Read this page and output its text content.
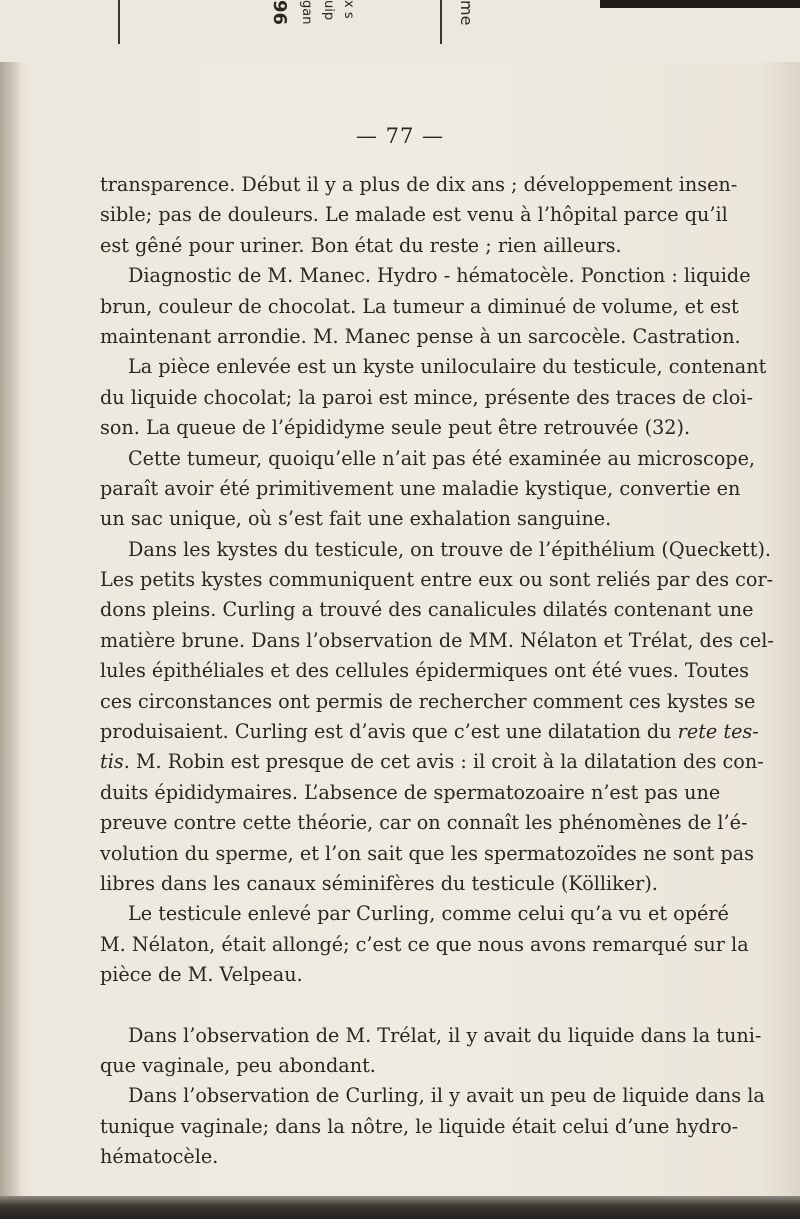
96 gan uip x s	me
— 77 —
transparence. Début il y a plus de dix ans ; développement insen-
sible; pas de douleurs. Le malade est venu à l’hôpital parce qu’il
est gêné pour uriner. Bon état du reste ; rien ailleurs.
Diagnostic de M. Manec. Hydro - hématocèle. Ponction : liquide
brun, couleur de chocolat. La tumeur a diminué de volume, et est
maintenant arrondie. M. Manec pense à un sarcocèle. Castration.
La pièce enlevée est un kyste uniloculaire du testicule, contenant
du liquide chocolat; la paroi est mince, présente des traces de cloi-
son. La queue de l’épididyme seule peut être retrouvée (32).
Cette tumeur, quoiqu’elle n’ait pas été examinée au microscope,
paraît avoir été primitivement une maladie kystique, convertie en
un sac unique, où s’est fait une exhalation sanguine.
Dans les kystes du testicule, on trouve de l’épithélium (Queckett).
Les petits kystes communiquent entre eux ou sont reliés par des cor-
dons pleins. Curling a trouvé des canalicules dilatés contenant une
matière brune. Dans l’observation de MM. Nélaton et Trélat, des cel-
lules épithéliales et des cellules épidermiques ont été vues. Toutes
ces circonstances ont permis de rechercher comment ces kystes se
produisaient. Curling est d’avis que c’est une dilatation du rete tes-
tis. M. Robin est presque de cet avis : il croit à la dilatation des con-
duits épididymaires. L’absence de spermatozoaire n’est pas une
preuve contre cette théorie, car on connaît les phénomènes de l’é-
volution du sperme, et l’on sait que les spermatozoïdes ne sont pas
libres dans les canaux séminifères du testicule (Kölliker).
Le testicule enlevé par Curling, comme celui qu’a vu et opéré
M. Nélaton, était allongé; c’est ce que nous avons remarqué sur la
pièce de M. Velpeau.
Dans l’observation de M. Trélat, il y avait du liquide dans la tuni-
que vaginale, peu abondant.
Dans l’observation de Curling, il y avait un peu de liquide dans la
tunique vaginale; dans la nôtre, le liquide était celui d’une hydro-
hématocèle.
